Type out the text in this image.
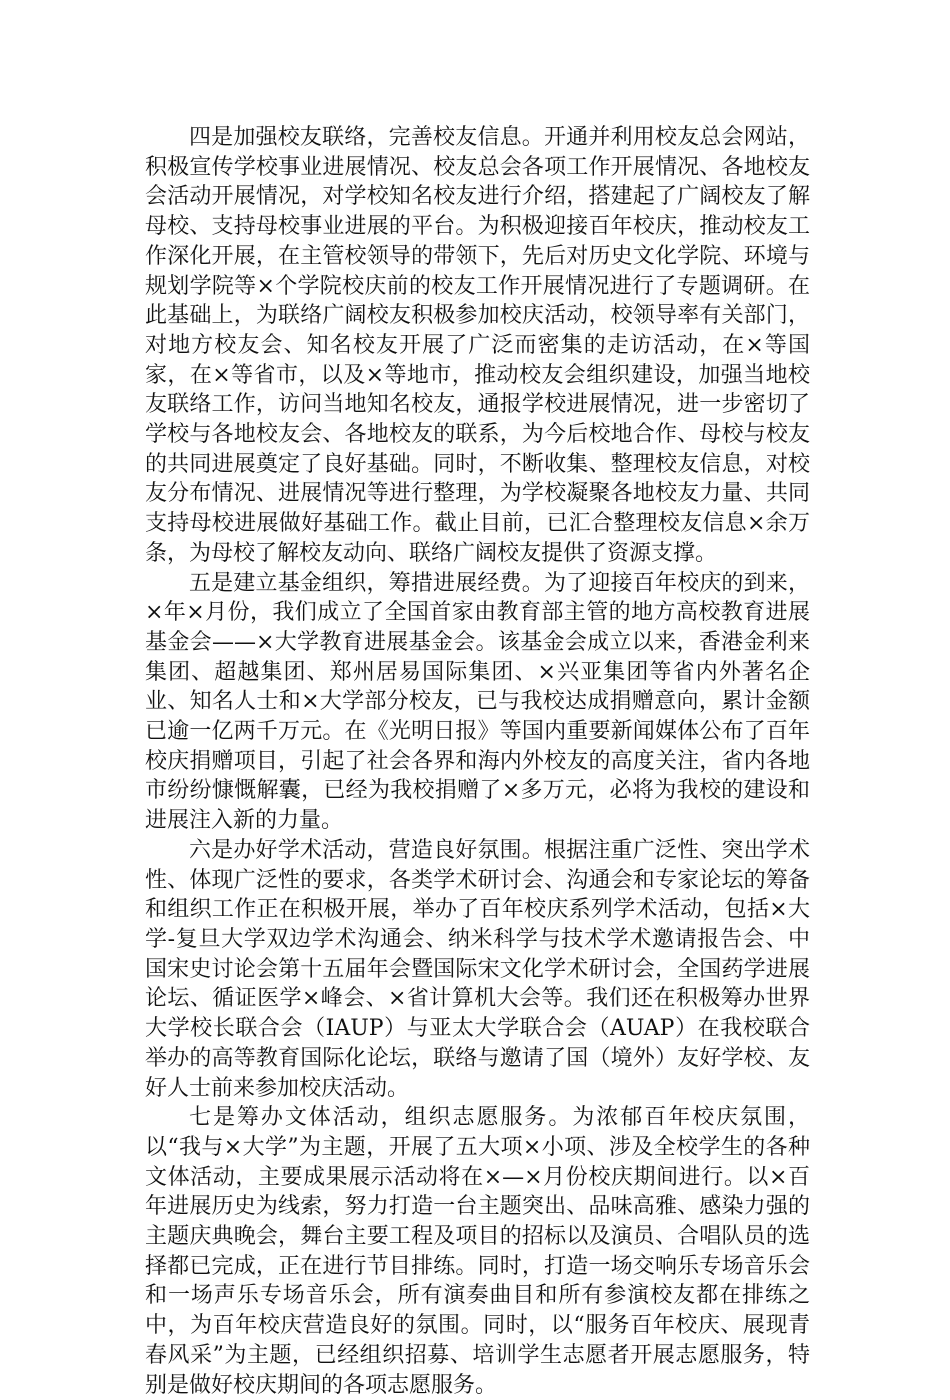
四是加强校友联络，完善校友信息。开通并利用校友总会网站，积极宣传学校事业进展情况、校友总会各项工作开展情况、各地校友会活动开展情况，对学校知名校友进行介绍，搭建起了广阔校友了解母校、支持母校事业进展的平台。为积极迎接百年校庆，推动校友工作深化开展，在主管校领导的带领下，先后对历史文化学院、环境与规划学院等×个学院校庆前的校友工作开展情况进行了专题调研。在此基础上，为联络广阔校友积极参加校庆活动，校领导率有关部门，对地方校友会、知名校友开展了广泛而密集的走访活动，在×等国家，在×等省市，以及×等地市，推动校友会组织建设，加强当地校友联络工作，访问当地知名校友，通报学校进展情况，进一步密切了学校与各地校友会、各地校友的联系，为今后校地合作、母校与校友的共同进展奠定了良好基础。同时，不断收集、整理校友信息，对校友分布情况、进展情况等进行整理，为学校凝聚各地校友力量、共同支持母校进展做好基础工作。截止目前，已汇合整理校友信息×余万条，为母校了解校友动向、联络广阔校友提供了资源支撑。

五是建立基金组织，筹措进展经费。为了迎接百年校庆的到来，×年×月份，我们成立了全国首家由教育部主管的地方高校教育进展基金会——×大学教育进展基金会。该基金会成立以来，香港金利来集团、超越集团、郑州居易国际集团、×兴亚集团等省内外著名企业、知名人士和×大学部分校友，已与我校达成捐赠意向，累计金额已逾一亿两千万元。在《光明日报》等国内重要新闻媒体公布了百年校庆捐赠项目，引起了社会各界和海内外校友的高度关注，省内各地市纷纷慷慨解囊，已经为我校捐赠了×多万元，必将为我校的建设和进展注入新的力量。

六是办好学术活动，营造良好氛围。根据注重广泛性、突出学术性、体现广泛性的要求，各类学术研讨会、沟通会和专家论坛的筹备和组织工作正在积极开展，举办了百年校庆系列学术活动，包括×大学-复旦大学双边学术沟通会、纳米科学与技术学术邀请报告会、中国宋史讨论会第十五届年会暨国际宋文化学术研讨会，全国药学进展论坛、循证医学×峰会、×省计算机大会等。我们还在积极筹办世界大学校长联合会（IAUP）与亚太大学联合会（AUAP）在我校联合举办的高等教育国际化论坛，联络与邀请了国（境外）友好学校、友好人士前来参加校庆活动。

七是筹办文体活动，组织志愿服务。为浓郁百年校庆氛围，以“我与×大学”为主题，开展了五大项×小项、涉及全校学生的各种文体活动，主要成果展示活动将在×—×月份校庆期间进行。以×百年进展历史为线索，努力打造一台主题突出、品味高雅、感染力强的主题庆典晚会，舞台主要工程及项目的招标以及演员、合唱队员的选择都已完成，正在进行节目排练。同时，打造一场交响乐专场音乐会和一场声乐专场音乐会，所有演奏曲目和所有参演校友都在排练之中，为百年校庆营造良好的氛围。同时，以“服务百年校庆、展现青春风采”为主题，已经组织招募、培训学生志愿者开展志愿服务，特别是做好校庆期间的各项志愿服务。
